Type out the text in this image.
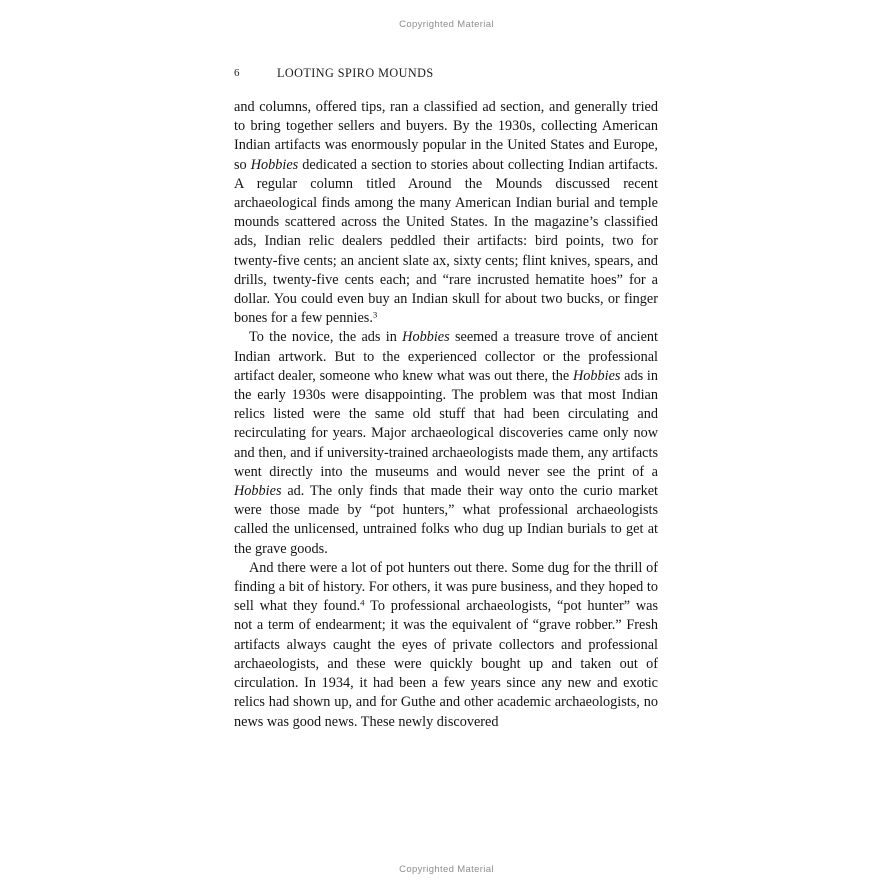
Copyrighted Material
6	LOOTING SPIRO MOUNDS

and columns, offered tips, ran a classified ad section, and generally tried to bring together sellers and buyers. By the 1930s, collecting American Indian artifacts was enormously popular in the United States and Europe, so Hobbies dedicated a section to stories about collecting Indian artifacts. A regular column titled Around the Mounds discussed recent archaeological finds among the many American Indian burial and temple mounds scattered across the United States. In the magazine’s classified ads, Indian relic dealers peddled their artifacts: bird points, two for twenty-five cents; an ancient slate ax, sixty cents; flint knives, spears, and drills, twenty-five cents each; and “rare incrusted hematite hoes” for a dollar. You could even buy an Indian skull for about two bucks, or finger bones for a few pennies.$^3$

To the novice, the ads in Hobbies seemed a treasure trove of ancient Indian artwork. But to the experienced collector or the professional artifact dealer, someone who knew what was out there, the Hobbies ads in the early 1930s were disappointing. The problem was that most Indian relics listed were the same old stuff that had been circulating and recirculating for years. Major archaeological discoveries came only now and then, and if university-trained archaeologists made them, any artifacts went directly into the museums and would never see the print of a Hobbies ad. The only finds that made their way onto the curio market were those made by “pot hunters,” what professional archaeologists called the unlicensed, untrained folks who dug up Indian burials to get at the grave goods.

And there were a lot of pot hunters out there. Some dug for the thrill of finding a bit of history. For others, it was pure business, and they hoped to sell what they found.$^4$ To professional archaeologists, “pot hunter” was not a term of endearment; it was the equivalent of “grave robber.” Fresh artifacts always caught the eyes of private collectors and professional archaeologists, and these were quickly bought up and taken out of circulation. In 1934, it had been a few years since any new and exotic relics had shown up, and for Guthe and other academic archaeologists, no news was good news. These newly discovered

Copyrighted Material
